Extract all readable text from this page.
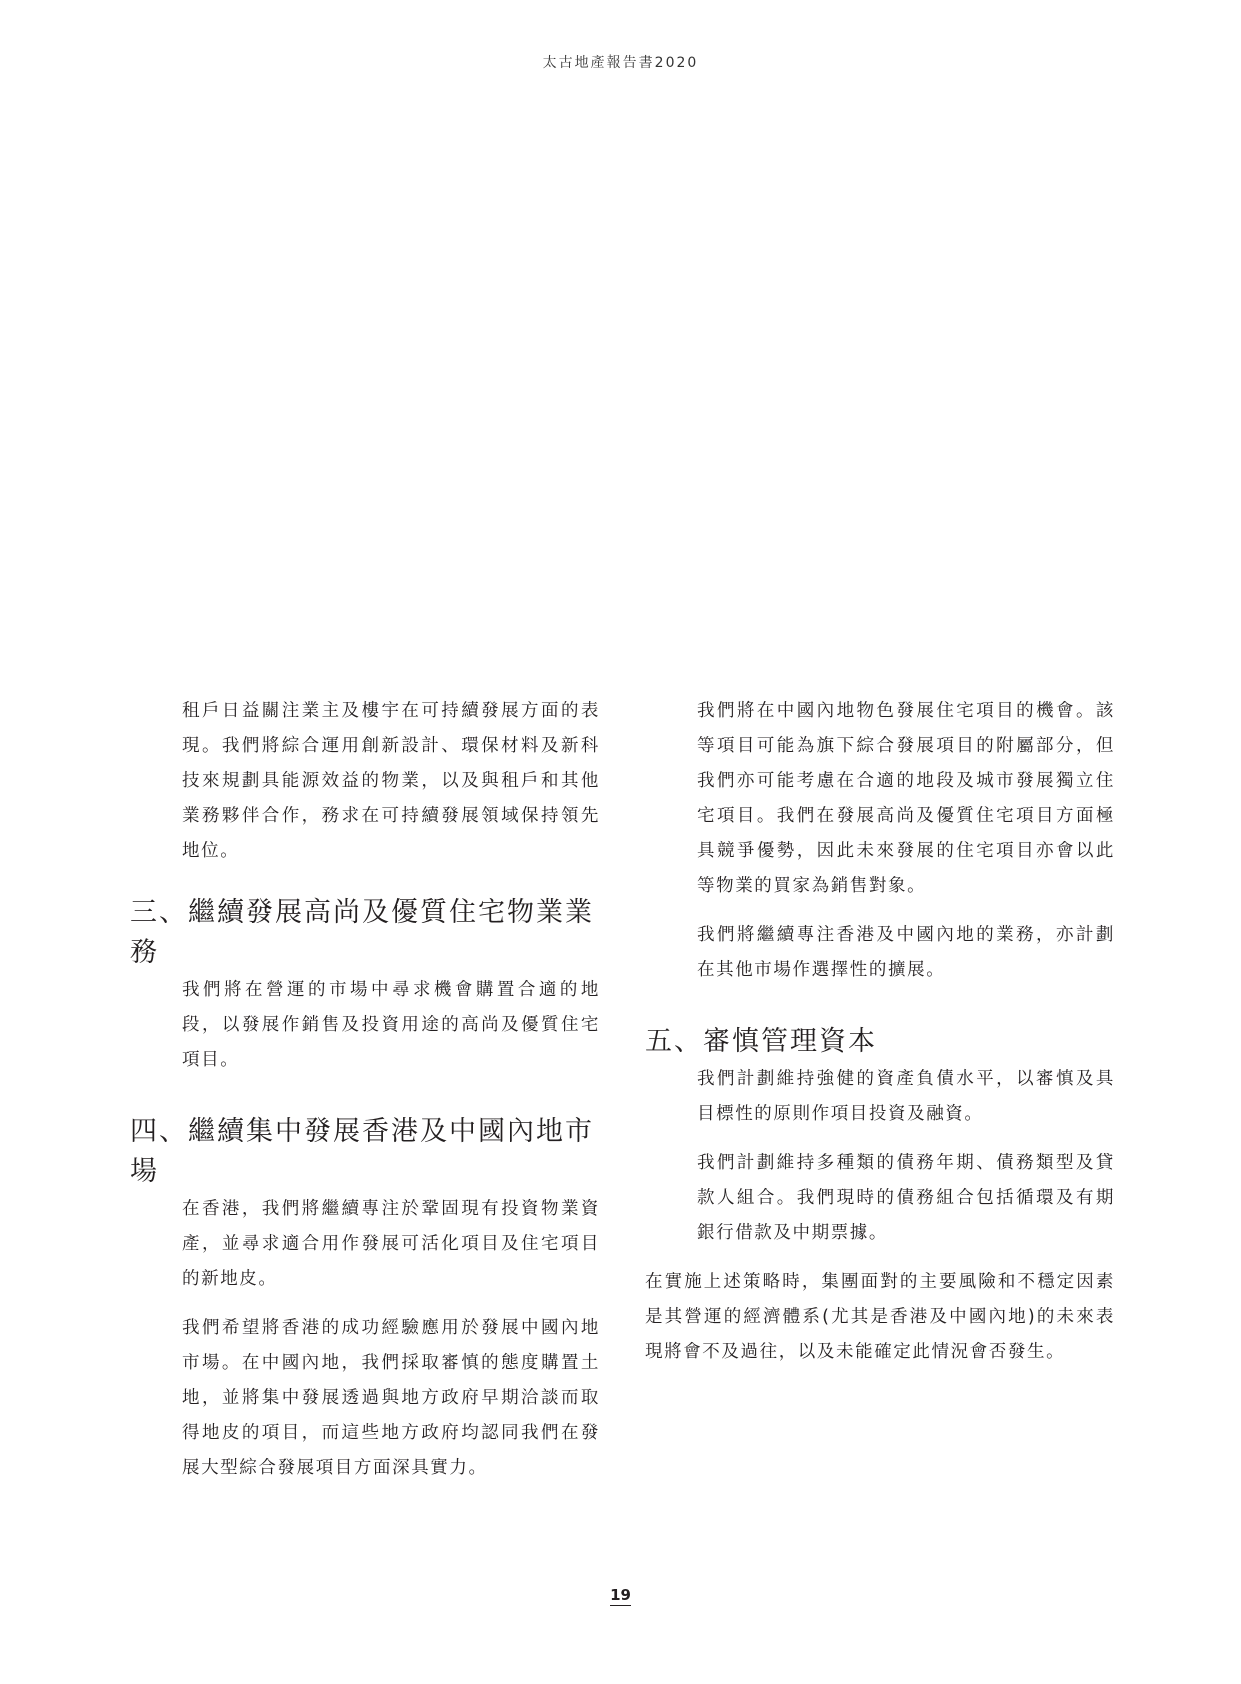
太古地產報告書2020

租戶日益關注業主及樓宇在可持續發展方面的表現。我們將綜合運用創新設計、環保材料及新科技來規劃具能源效益的物業，以及與租戶和其他業務夥伴合作，務求在可持續發展領域保持領先地位。

三、繼續發展高尚及優質住宅物業業務

我們將在營運的市場中尋求機會購置合適的地段，以發展作銷售及投資用途的高尚及優質住宅項目。

四、繼續集中發展香港及中國內地市場

在香港，我們將繼續專注於鞏固現有投資物業資產，並尋求適合用作發展可活化項目及住宅項目的新地皮。

我們希望將香港的成功經驗應用於發展中國內地市場。在中國內地，我們採取審慎的態度購置土地，並將集中發展透過與地方政府早期洽談而取得地皮的項目，而這些地方政府均認同我們在發展大型綜合發展項目方面深具實力。

我們將在中國內地物色發展住宅項目的機會。該等項目可能為旗下綜合發展項目的附屬部分，但我們亦可能考慮在合適的地段及城市發展獨立住宅項目。我們在發展高尚及優質住宅項目方面極具競爭優勢，因此未來發展的住宅項目亦會以此等物業的買家為銷售對象。

我們將繼續專注香港及中國內地的業務，亦計劃在其他市場作選擇性的擴展。

五、審慎管理資本

我們計劃維持強健的資產負債水平，以審慎及具目標性的原則作項目投資及融資。

我們計劃維持多種類的債務年期、債務類型及貸款人組合。我們現時的債務組合包括循環及有期銀行借款及中期票據。

在實施上述策略時，集團面對的主要風險和不穩定因素是其營運的經濟體系(尤其是香港及中國內地)的未來表現將會不及過往，以及未能確定此情況會否發生。

19
